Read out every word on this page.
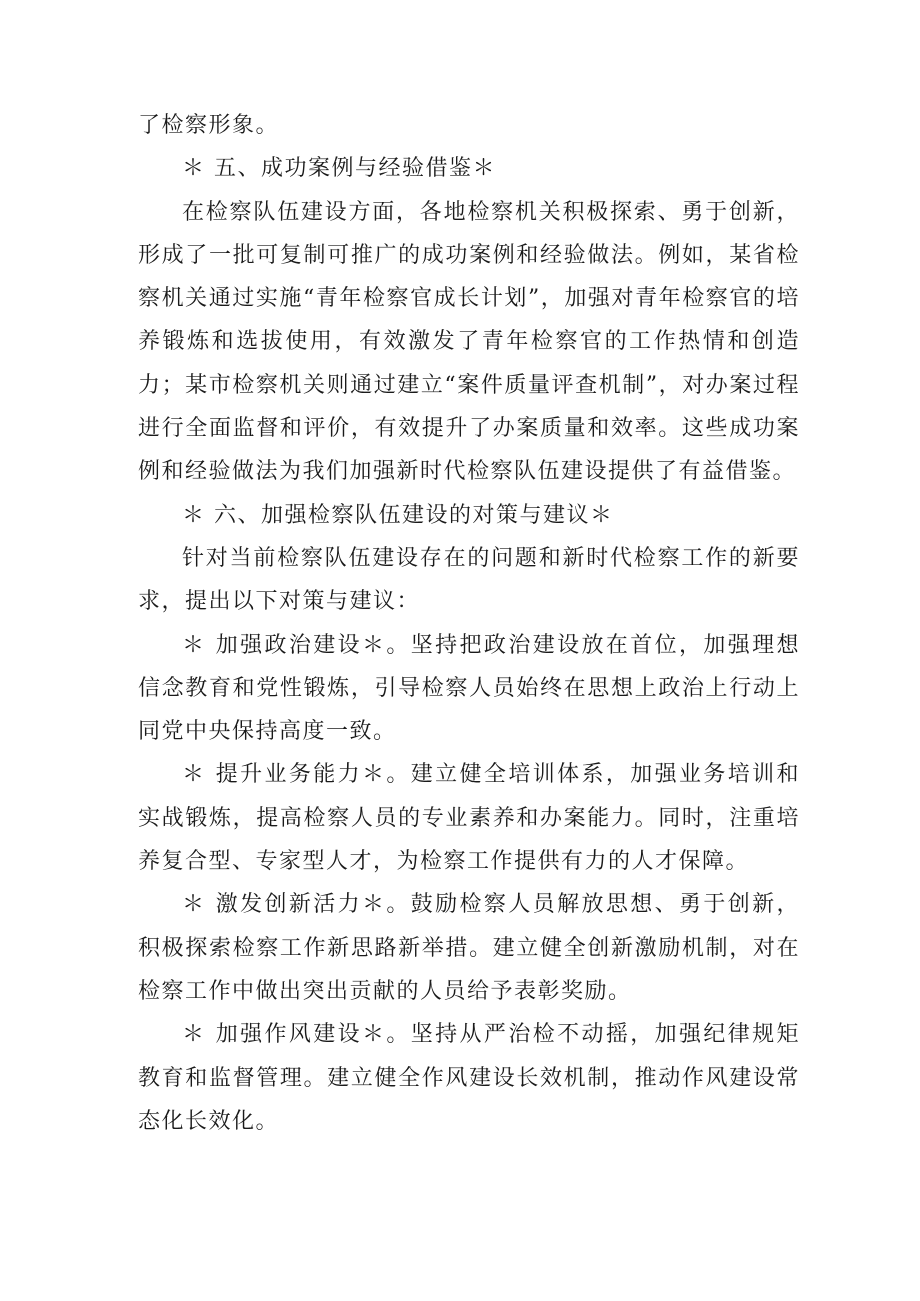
了检察形象。

＊ 五、成功案例与经验借鉴＊

在检察队伍建设方面，各地检察机关积极探索、勇于创新，形成了一批可复制可推广的成功案例和经验做法。例如，某省检察机关通过实施“青年检察官成长计划”，加强对青年检察官的培养锻炼和选拔使用，有效激发了青年检察官的工作热情和创造力；某市检察机关则通过建立“案件质量评查机制”，对办案过程进行全面监督和评价，有效提升了办案质量和效率。这些成功案例和经验做法为我们加强新时代检察队伍建设提供了有益借鉴。

＊ 六、加强检察队伍建设的对策与建议＊

针对当前检察队伍建设存在的问题和新时代检察工作的新要求，提出以下对策与建议：

＊ 加强政治建设＊。坚持把政治建设放在首位，加强理想信念教育和党性锻炼，引导检察人员始终在思想上政治上行动上同党中央保持高度一致。

＊ 提升业务能力＊。建立健全培训体系，加强业务培训和实战锻炼，提高检察人员的专业素养和办案能力。同时，注重培养复合型、专家型人才，为检察工作提供有力的人才保障。

＊ 激发创新活力＊。鼓励检察人员解放思想、勇于创新，积极探索检察工作新思路新举措。建立健全创新激励机制，对在检察工作中做出突出贡献的人员给予表彰奖励。

＊ 加强作风建设＊。坚持从严治检不动摇，加强纪律规矩教育和监督管理。建立健全作风建设长效机制，推动作风建设常态化长效化。
